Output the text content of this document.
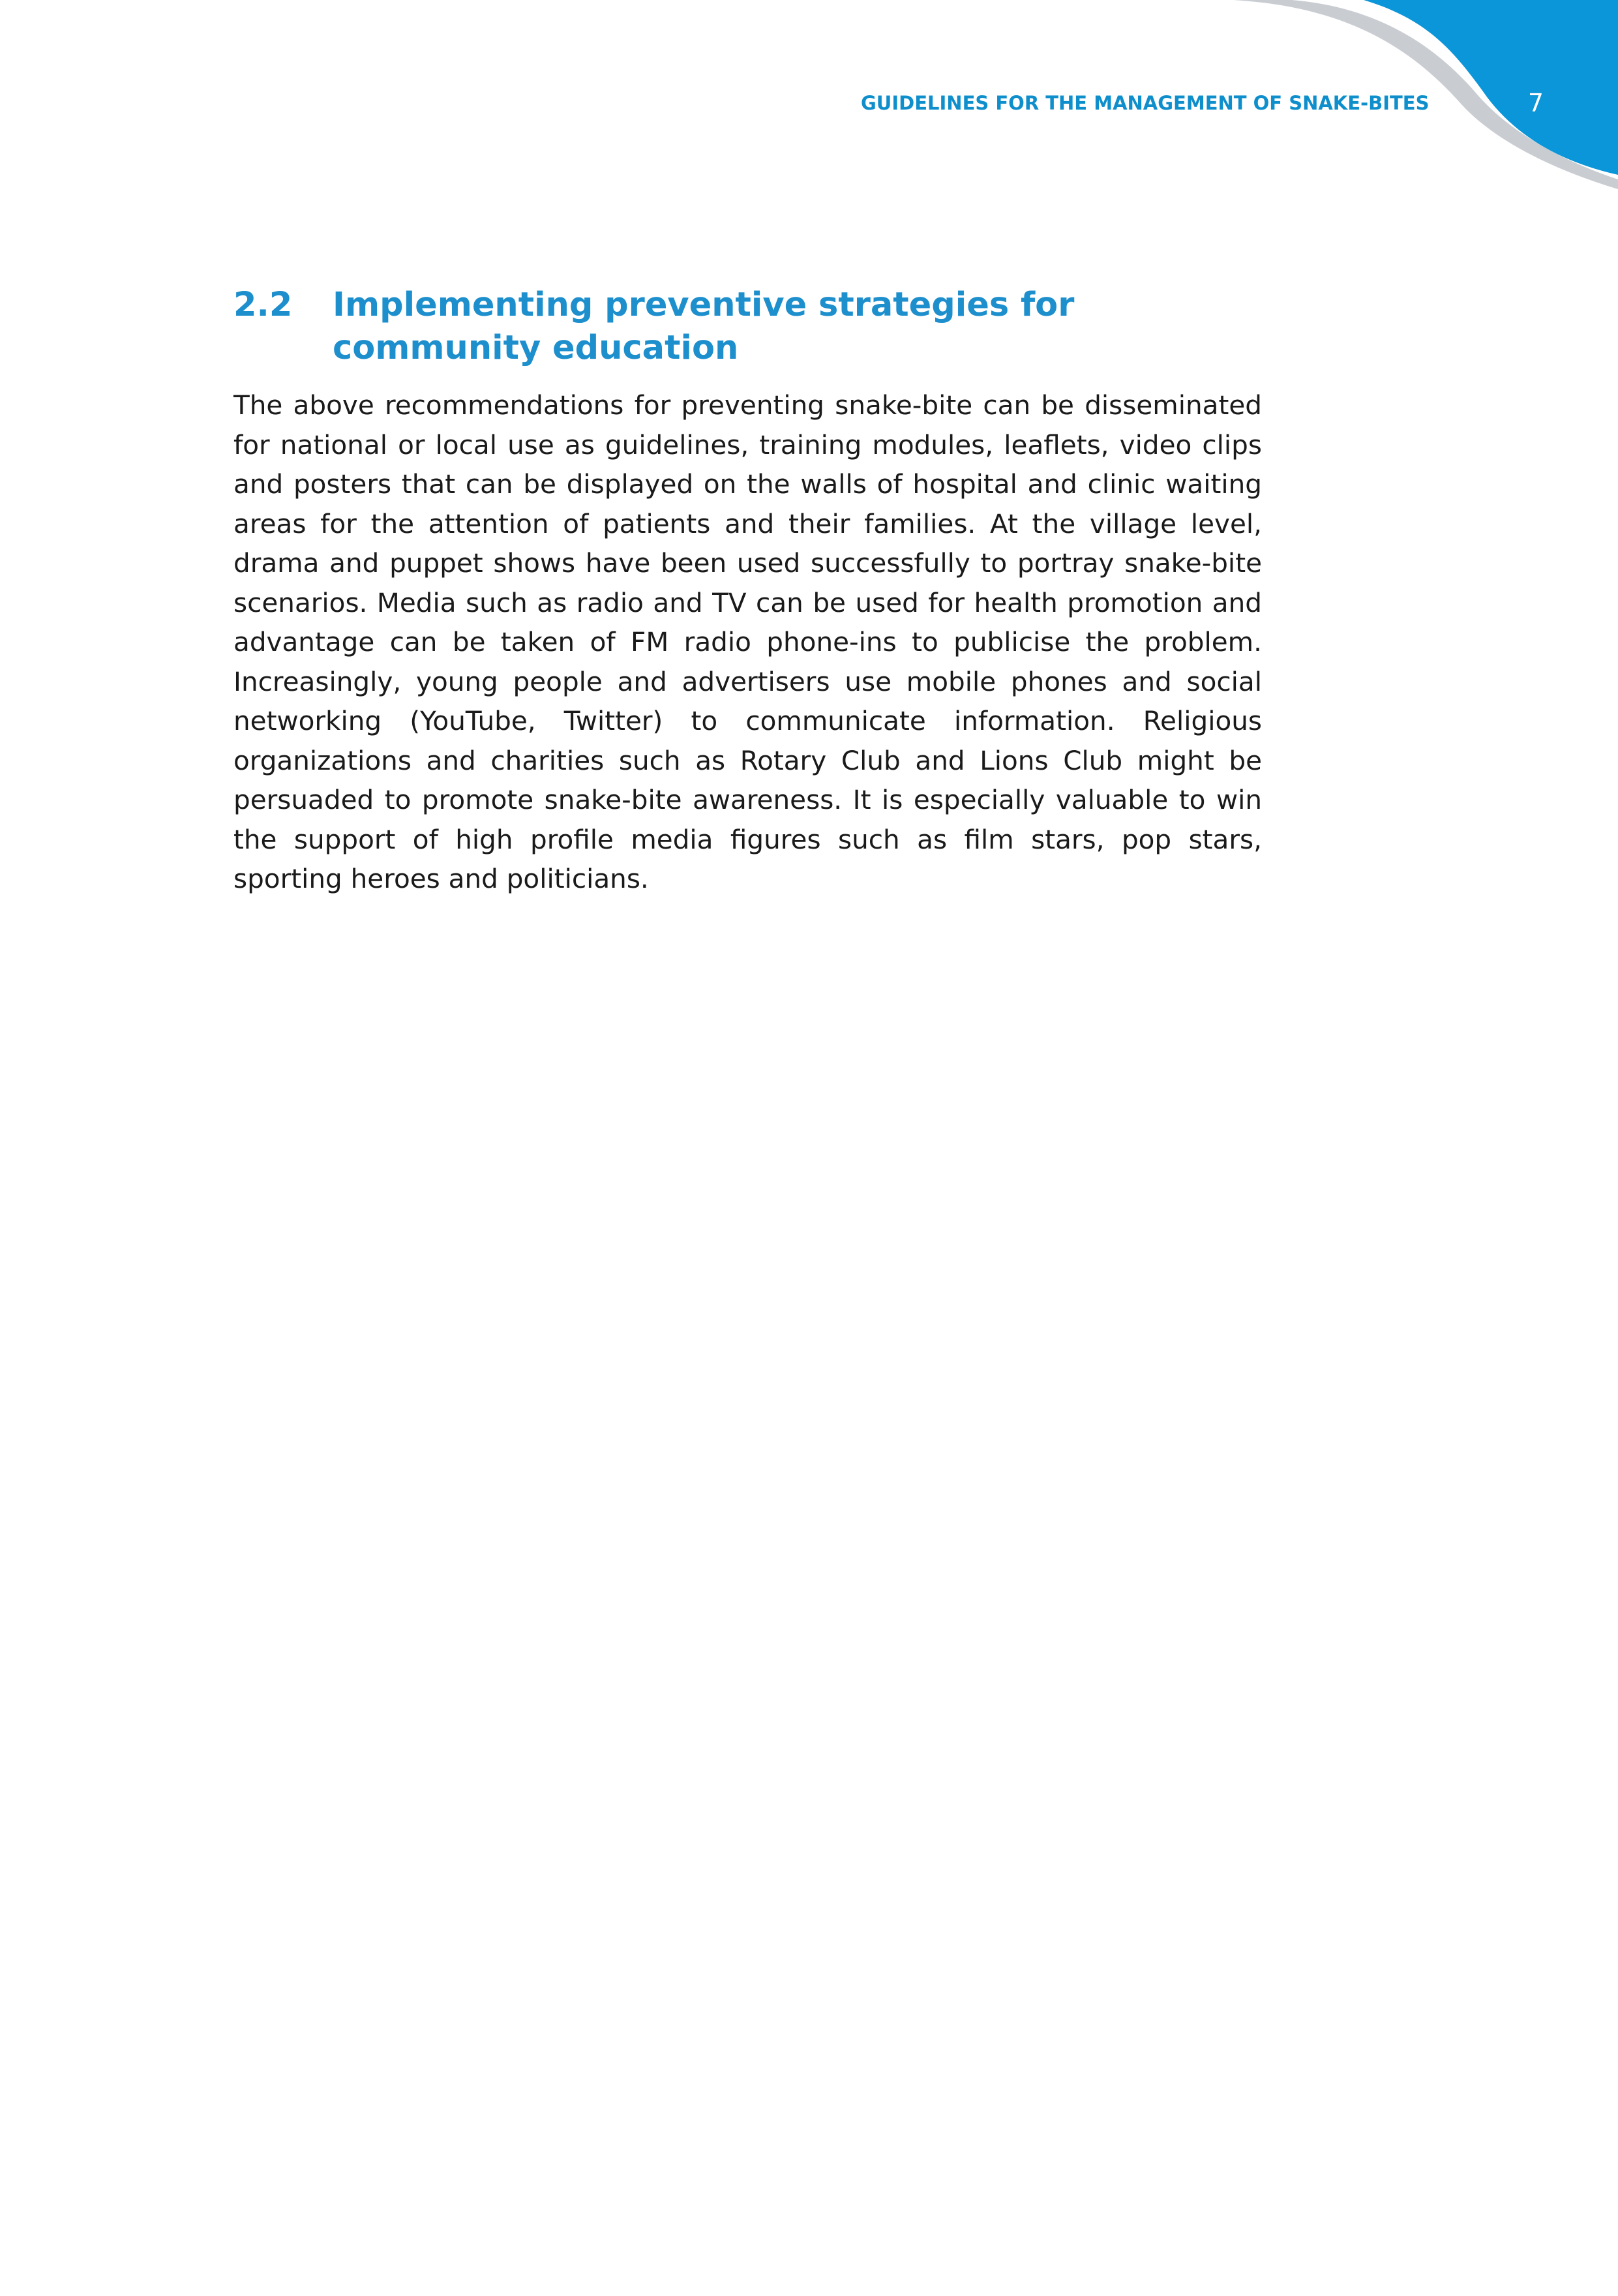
GUIDELINES FOR THE MANAGEMENT OF SNAKE-BITES	7
2.2	Implementing preventive strategies for community education

The above recommendations for preventing snake-bite can be disseminated for national or local use as guidelines, training modules, leaflets, video clips and posters that can be displayed on the walls of hospital and clinic waiting areas for the attention of patients and their families. At the village level, drama and puppet shows have been used successfully to portray snake-bite scenarios. Media such as radio and TV can be used for health promotion and advantage can be taken of FM radio phone-ins to publicise the problem. Increasingly, young people and advertisers use mobile phones and social networking (YouTube, Twitter) to communicate information. Religious organizations and charities such as Rotary Club and Lions Club might be persuaded to promote snake-bite awareness. It is especially valuable to win the support of high profile media figures such as film stars, pop stars, sporting heroes and politicians.
